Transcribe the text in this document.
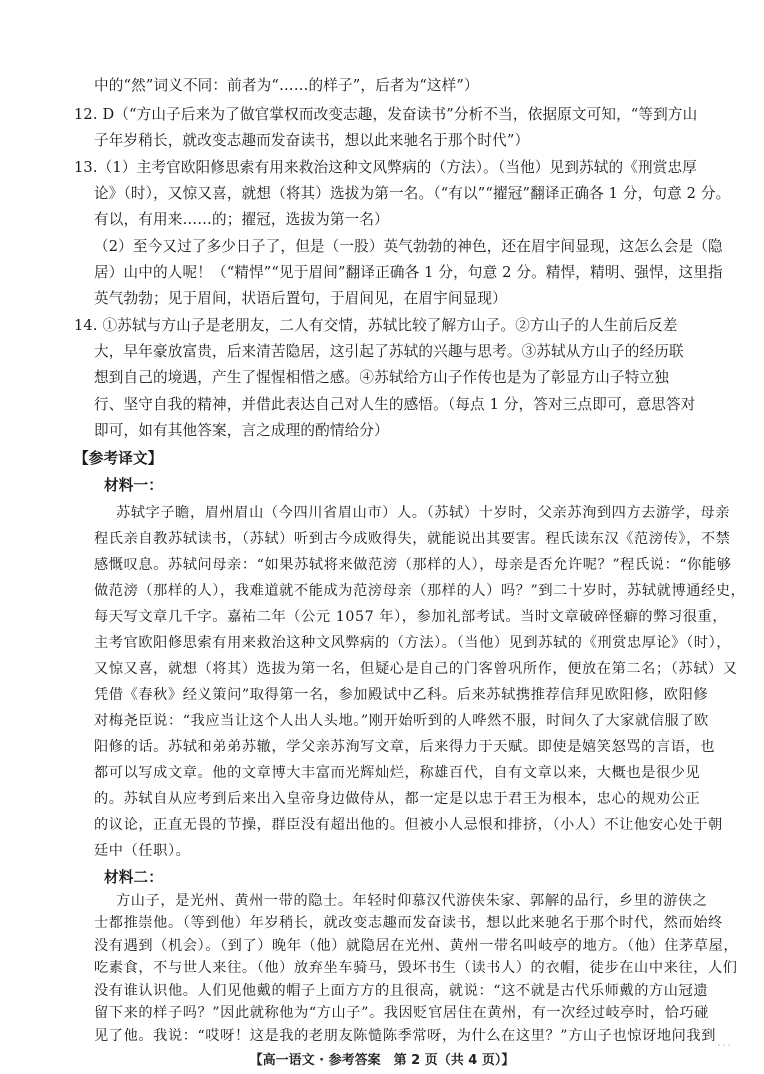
中的“然”词义不同：前者为“……的样子”，后者为“这样”）
12. D（“方山子后来为了做官掌权而改变志趣，发奋读书”分析不当，依据原文可知，“等到方山
子年岁稍长，就改变志趣而发奋读书，想以此来驰名于那个时代”）
13.（1）主考官欧阳修思索有用来救治这种文风弊病的（方法）。（当他）见到苏轼的《刑赏忠厚
论》（时），又惊又喜，就想（将其）选拔为第一名。（“有以”“擢冠”翻译正确各 1 分，句意 2 分。
有以，有用来……的；擢冠，选拔为第一名）
（2）至今又过了多少日子了，但是（一股）英气勃勃的神色，还在眉宇间显现，这怎么会是（隐
居）山中的人呢！（“精悍”“见于眉间”翻译正确各 1 分，句意 2 分。精悍，精明、强悍，这里指
英气勃勃；见于眉间，状语后置句，于眉间见，在眉宇间显现）
14. ①苏轼与方山子是老朋友，二人有交情，苏轼比较了解方山子。②方山子的人生前后反差
大，早年豪放富贵，后来清苦隐居，这引起了苏轼的兴趣与思考。③苏轼从方山子的经历联
想到自己的境遇，产生了惺惺相惜之感。④苏轼给方山子作传也是为了彰显方山子特立独
行、坚守自我的精神，并借此表达自己对人生的感悟。（每点 1 分，答对三点即可，意思答对
即可，如有其他答案，言之成理的酌情给分）
【参考译文】
材料一：
苏轼字子瞻，眉州眉山（今四川省眉山市）人。（苏轼）十岁时，父亲苏洵到四方去游学，母亲
程氏亲自教苏轼读书，（苏轼）听到古今成败得失，就能说出其要害。程氏读东汉《范滂传》，不禁
感慨叹息。苏轼问母亲：“如果苏轼将来做范滂（那样的人），母亲是否允许呢？”程氏说：“你能够
做范滂（那样的人），我难道就不能成为范滂母亲（那样的人）吗？”到二十岁时，苏轼就博通经史，
每天写文章几千字。嘉祐二年（公元 1057 年），参加礼部考试。当时文章破碎怪癖的弊习很重，
主考官欧阳修思索有用来救治这种文风弊病的（方法）。（当他）见到苏轼的《刑赏忠厚论》（时），
又惊又喜，就想（将其）选拔为第一名，但疑心是自己的门客曾巩所作，便放在第二名；（苏轼）又
凭借《春秋》经义策问”取得第一名，参加殿试中乙科。后来苏轼携推荐信拜见欧阳修，欧阳修
对梅尧臣说：“我应当让这个人出人头地。”刚开始听到的人哗然不服，时间久了大家就信服了欧
阳修的话。苏轼和弟弟苏辙，学父亲苏洵写文章，后来得力于天赋。即使是嬉笑怒骂的言语，也
都可以写成文章。他的文章博大丰富而光辉灿烂，称雄百代，自有文章以来，大概也是很少见
的。苏轼自从应考到后来出入皇帝身边做侍从，都一定是以忠于君王为根本，忠心的规劝公正
的议论，正直无畏的节操，群臣没有超出他的。但被小人忌恨和排挤，（小人）不让他安心处于朝
廷中（任职）。
材料二：
方山子，是光州、黄州一带的隐士。年轻时仰慕汉代游侠朱家、郭解的品行，乡里的游侠之
士都推崇他。（等到他）年岁稍长，就改变志趣而发奋读书，想以此来驰名于那个时代，然而始终
没有遇到（机会）。（到了）晚年（他）就隐居在光州、黄州一带名叫岐亭的地方。（他）住茅草屋，
吃素食，不与世人来往。（他）放弃坐车骑马，毁坏书生（读书人）的衣帽，徒步在山中来往，人们
没有谁认识他。人们见他戴的帽子上面方方的且很高，就说：“这不就是古代乐师戴的方山冠遗
留下来的样子吗？”因此就称他为“方山子”。我因贬官居住在黄州，有一次经过岐亭时，恰巧碰
见了他。我说：“哎呀！这是我的老朋友陈慥陈季常呀，为什么在这里？”方山子也惊讶地问我到
【高一语文 · 参考答案　第 2 页（共 4 页）】
